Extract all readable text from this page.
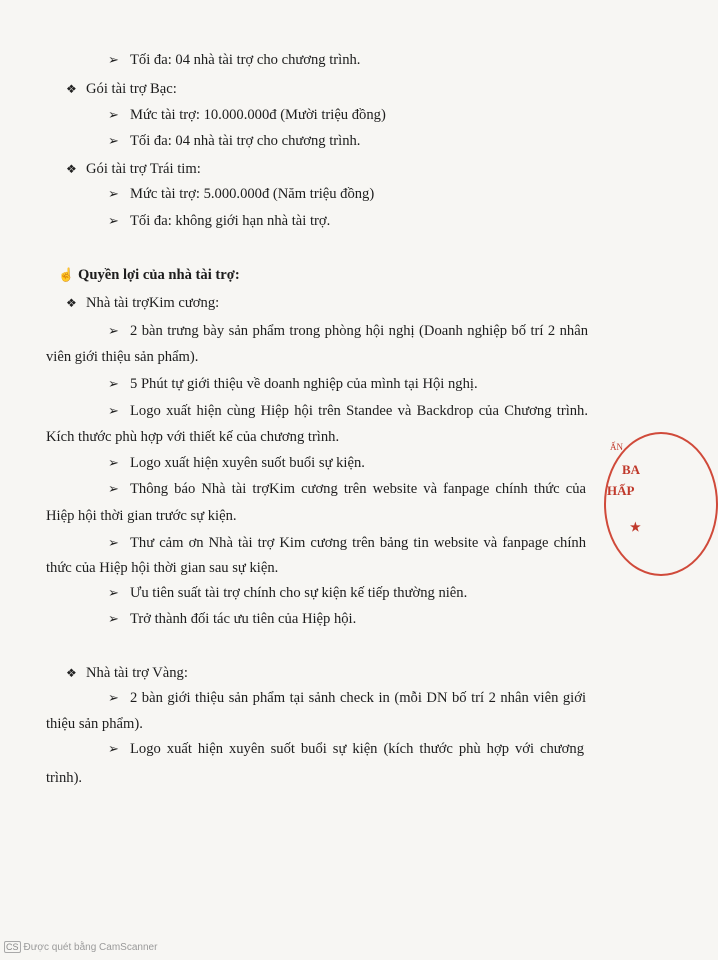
➢ Tối đa: 04 nhà tài trợ cho chương trình.
❖ Gói tài trợ Bạc:
➢ Mức tài trợ: 10.000.000đ (Mười triệu đồng)
➢ Tối đa: 04 nhà tài trợ cho chương trình.
❖ Gói tài trợ Trái tim:
➢ Mức tài trợ: 5.000.000đ (Năm triệu đồng)
➢ Tối đa: không giới hạn nhà tài trợ.
☝ Quyền lợi của nhà tài trợ:
❖ Nhà tài trợKim cương:
➢ 2 bàn trưng bày sản phẩm trong phòng hội nghị (Doanh nghiệp bố trí 2 nhân
viên giới thiệu sản phẩm).
➢ 5 Phút tự giới thiệu về doanh nghiệp của mình tại Hội nghị.
➢ Logo xuất hiện cùng Hiệp hội trên Standee và Backdrop của Chương trình.
Kích thước phù hợp với thiết kế của chương trình.
➢ Logo xuất hiện xuyên suốt buổi sự kiện.
➢ Thông báo Nhà tài trợKim cương trên website và fanpage chính thức của
Hiệp hội thời gian trước sự kiện.
➢ Thư cảm ơn Nhà tài trợ Kim cương trên bảng tin website và fanpage chính
thức của Hiệp hội thời gian sau sự kiện.
➢ Ưu tiên suất tài trợ chính cho sự kiện kế tiếp thường niên.
➢ Trở thành đối tác ưu tiên của Hiệp hội.
❖ Nhà tài trợ Vàng:
➢ 2 bàn giới thiệu sản phẩm tại sảnh check in (mỗi DN bố trí 2 nhân viên giới
thiệu sản phẩm).
➢ Logo xuất hiện xuyên suốt buổi sự kiện (kích thước phù hợp với chương
trình).
ẤN
BA
HẤP
★
CS Được quét bằng CamScanner
